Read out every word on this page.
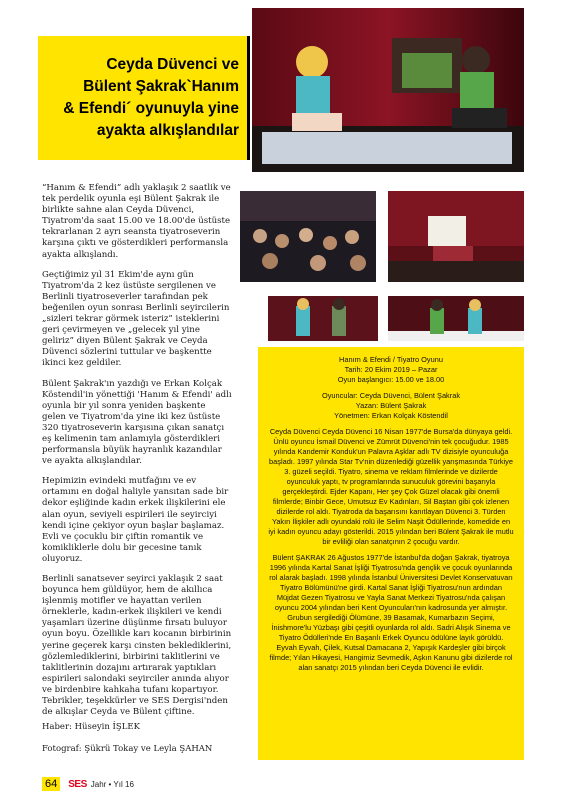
Ceyda Düvenci ve
Bülent Şakrak`Hanım
& Efendi´ oyunuyla yine
ayakta alkışlandılar

“Hanım & Efendi” adlı yaklaşık 2 saatlik ve tek perdelik oyunla eşi Bülent Şakrak ile birlikte sahne alan Ceyda Düvenci, Tiyatrom'da saat 15.00 ve 18.00'de üstüste tekrarlanan 2 ayrı seansta tiyatroseverin karşına çıktı ve gösterdikleri performansla ayakta alkışlandı.

Geçtiğimiz yıl 31 Ekim'de aynı gün Tiyatrom'da 2 kez üstüste sergilenen ve Berlinli tiyatroseverler tarafından pek beğenilen oyun sonrası Berlinli seyircilerin „sizleri tekrar görmek isteriz” isteklerini geri çevirmeyen ve „gelecek yıl yine geliriz” diyen Bülent Şakrak ve Ceyda Düvenci sözlerini tuttular ve başkentte ikinci kez geldiler.

Bülent Şakrak'ın yazdığı ve Erkan Kolçak Köstendil'in yönettiği 'Hanım & Efendi' adlı oyunla bir yıl sonra yeniden başkente gelen ve Tiyatrom'da yine iki kez üstüste 320 tiyatroseverin karşısına çıkan sanatçı eş kelimenin tam anlamıyla gösterdikleri performansla büyük hayranlık kazandılar ve ayakta alkışlandılar.

Hepimizin evindeki mutfağını ve ev ortamını en doğal haliyle yansıtan sade bir dekor eşliğinde kadın erkek ilişkilerini ele alan oyun, seviyeli espirileri ile seyirciyi kendi içine çekiyor oyun başlar başlamaz. Evli ve çocuklu bir çiftin romantik ve komikliklerle dolu bir gecesine tanık oluyoruz.

Berlinli sanatsever seyirci yaklaşık 2 saat boyunca hem güldüyor, hem de akıllıca işlenmiş motifler ve hayattan verilen örneklerle, kadın-erkek ilişkileri ve kendi yaşamları üzerine düşünme fırsatı buluyor oyun boyu. Özellikle karı kocanın birbirinin yerine geçerek karşı cinsten beklediklerini, gözlemlediklerini, birbirini taklitlerini ve taklitlerinin dozajını artırarak yaptıkları espirileri salondaki seyirciler anında alıyor ve birdenbire kahkaha tufanı kopartıyor. Tebrikler, teşekkürler ve SES Dergisi'nden de alkışlar Ceyda ve Bülent çiftine.

Haber: Hüseyin İŞLEK
Fotograf: Şükrü Tokay ve Leyla ŞAHAN

Hanım & Efendi / Tiyatro Oyunu
Tarih: 20 Ekim 2019 – Pazar
Oyun başlangıcı: 15.00 ve 18.00

Oyuncular: Ceyda Düvenci, Bülent Şakrak
Yazan: Bülent Şakrak
Yönetmen: Erkan Kolçak Köstendil

Ceyda Düvenci Ceyda Düvenci 16 Nisan 1977'de Bursa'da dünyaya geldi. Ünlü oyuncu İsmail Düvenci ve Zümrüt Düvenci'nin tek çocuğudur. 1985 yılında Kandemir Konduk'un Palavra Aşklar adlı TV dizisiyle oyunculuğa başladı. 1997 yılında Star Tv'nin düzenlediği güzellik yarışmasında Türkiye 3. güzeli seçildi. Tiyatro, sinema ve reklam filmlerinde ve dizilerde oyunculuk yaptı, tv programlarında sunuculuk görevini başarıyla gerçekleştirdi. Ejder Kapanı, Her şey Çok Güzel olacak gibi önemli filmlerde; Binbir Gece, Umutsuz Ev Kadınları, Sil Baştan gibi çok izlenen dizilerde rol aldı. Tiyatroda da başarısını kanıtlayan Düvenci 3. Türden Yakın İlişkiler adlı oyundaki rolü ile Selim Naşit Ödüllerinde, komedide en iyi kadın oyuncu adayı gösterildi. 2015 yılından beri Bülent Şakrak ile mutlu bir evliliği olan sanatçının 2 çocuğu vardır.

Bülent ŞAKRAK 26 Ağustos 1977'de İstanbul'da doğan Şakrak, tiyatroya 1996 yılında Kartal Sanat İşliği Tiyatrosu'nda gençlik ve çocuk oyunlarında rol alarak başladı. 1998 yılında İstanbul Üniversitesi Devlet Konservatuvarı Tiyatro Bölümünü'ne girdi. Kartal Sanat İşliği Tiyatrosu'nun ardından Müjdat Gezen Tiyatrosu ve Yayla Sanat Merkezi Tiyatrosu'nda çalışan oyuncu 2004 yılından beri Kent Oyuncuları'nın kadrosunda yer almıştır. Grubun sergilediği Ölümüne, 39 Basamak, Kumarbazın Seçimi, İnishmore'lu Yüzbaşı gibi çeşitli oyunlarda rol aldı. Sadri Alışık Sinema ve Tiyatro Ödülleri'nde En Başarılı Erkek Oyuncu ödülüne layık görüldü. Eyvah Eyvah, Çilek, Kutsal Damacana 2, Yapışık Kardeşler gibi birçok filmde; Yılan Hikayesi, Hangimiz Sevmedik, Aşkın Kanunu gibi dizilerde rol alan sanatçı 2015 yılından beri Ceyda Düvenci ile evlidir.

64	SES Jahr • Yıl 16
